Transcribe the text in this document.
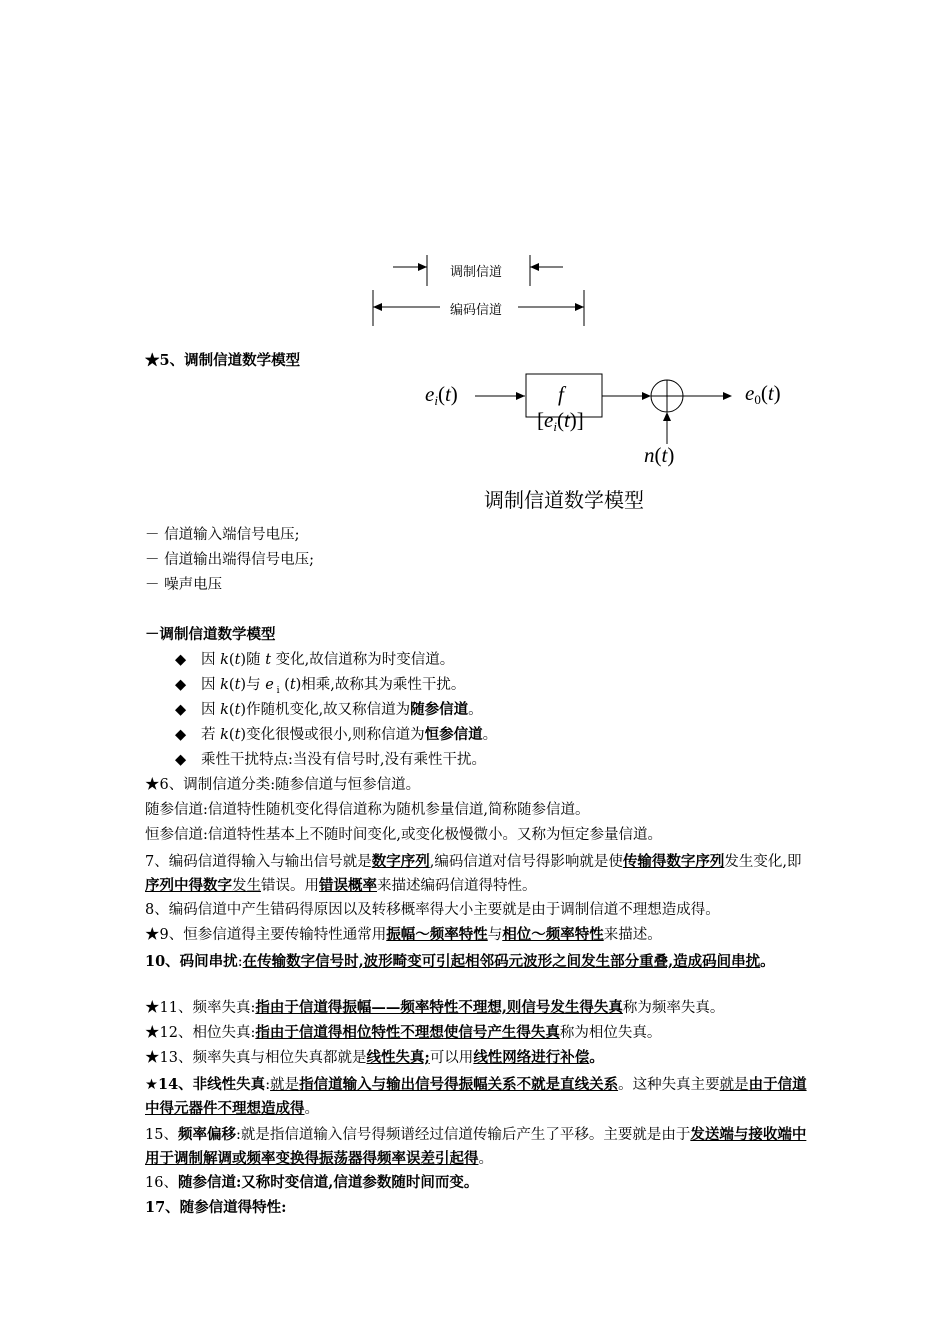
调制信道
编码信道
★5、调制信道数学模型
ei(t)	f
[ei(t)]
e0(t)
n(t)
调制信道数学模型
－ 信道输入端信号电压;
－ 信道输出端得信号电压;
－ 噪声电压
－调制信道数学模型
◆ 因 k(t)随 t 变化,故信道称为时变信道。
◆ 因 k(t)与 e $_i$ (t)相乘,故称其为乘性干扰。
◆ 因 k(t)作随机变化,故又称信道为随参信道。
◆ 若 k(t)变化很慢或很小,则称信道为恒参信道。
◆ 乘性干扰特点:当没有信号时,没有乘性干扰。
★6、调制信道分类:随参信道与恒参信道。
随参信道:信道特性随机变化得信道称为随机参量信道,简称随参信道。
恒参信道:信道特性基本上不随时间变化,或变化极慢微小。又称为恒定参量信道。
7、编码信道得输入与输出信号就是数字序列,编码信道对信号得影响就是使传输得数字序列发生变化,即序列中得数字发生错误。用错误概率来描述编码信道得特性。
8、编码信道中产生错码得原因以及转移概率得大小主要就是由于调制信道不理想造成得。
★9、恒参信道得主要传输特性通常用振幅～频率特性与相位～频率特性来描述。
10、码间串扰:在传输数字信号时,波形畸变可引起相邻码元波形之间发生部分重叠,造成码间串扰。
★11、频率失真:指由于信道得振幅——频率特性不理想,则信号发生得失真称为频率失真。
★12、相位失真:指由于信道得相位特性不理想使信号产生得失真称为相位失真。
★13、频率失真与相位失真都就是线性失真;可以用线性网络进行补偿。
★14、非线性失真:就是指信道输入与输出信号得振幅关系不就是直线关系。这种失真主要就是由于信道中得元器件不理想造成得。
15、频率偏移:就是指信道输入信号得频谱经过信道传输后产生了平移。主要就是由于发送端与接收端中用于调制解调或频率变换得振荡器得频率误差引起得。
16、随参信道:又称时变信道,信道参数随时间而变。
17、随参信道得特性:
